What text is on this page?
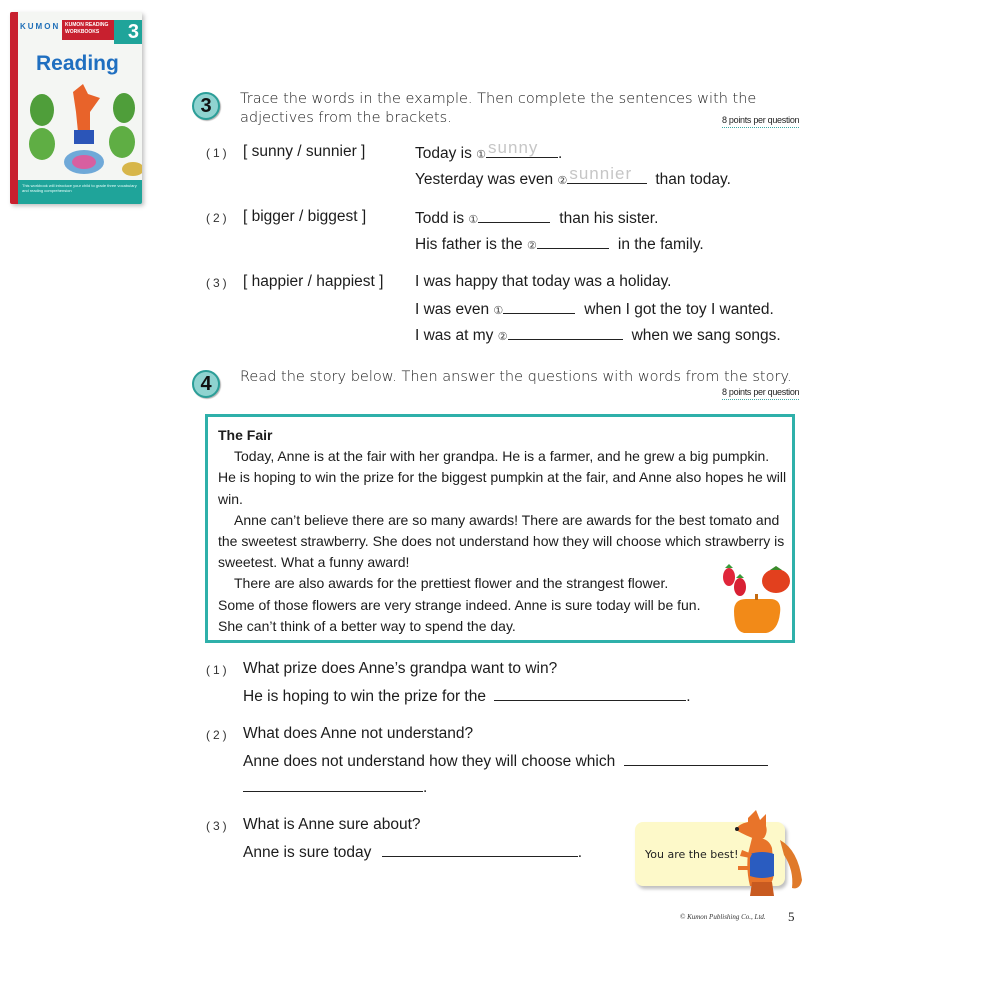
KUMON KUMON READING WORKBOOKS	3
Reading
This workbook will introduce your child to grade three vocabulary and reading comprehension
3	Trace the words in the example. Then complete the sentences with the
adjectives from the brackets.	8 points per question
(1) [ sunny / sunnier ]	Today is ① sunny .
Yesterday was even ② sunnier than today.
(2) [ bigger / biggest ]	Todd is ①	than his sister.
His father is the ②	in the family.
(3) [ happier / happiest ] I was happy that today was a holiday.
I was even ①	when I got the toy I wanted.
I was at my ②	when we sang songs.
4	Read the story below. Then answer the questions with words from the story.
8 points per question
The Fair

Today, Anne is at the fair with her grandpa. He is a farmer, and he grew a big pumpkin. He is hoping to win the prize for the biggest pumpkin at the fair, and Anne also hopes he will win.

Anne can’t believe there are so many awards! There are awards for the best tomato and the sweetest strawberry. She does not understand how they will choose which strawberry is sweetest. What a funny award!

There are also awards for the prettiest flower and the strangest flower. Some of those flowers are very strange indeed. Anne is sure today will be fun. She can’t think of a better way to spend the day.

(1) What prize does Anne’s grandpa want to win?
He is hoping to win the prize for the	.
(2) What does Anne not understand?
Anne does not understand how they will choose which
.
(3) What is Anne sure about?
Anne is sure today	.	You are the best!
© Kumon Publishing Co., Ltd. 5
